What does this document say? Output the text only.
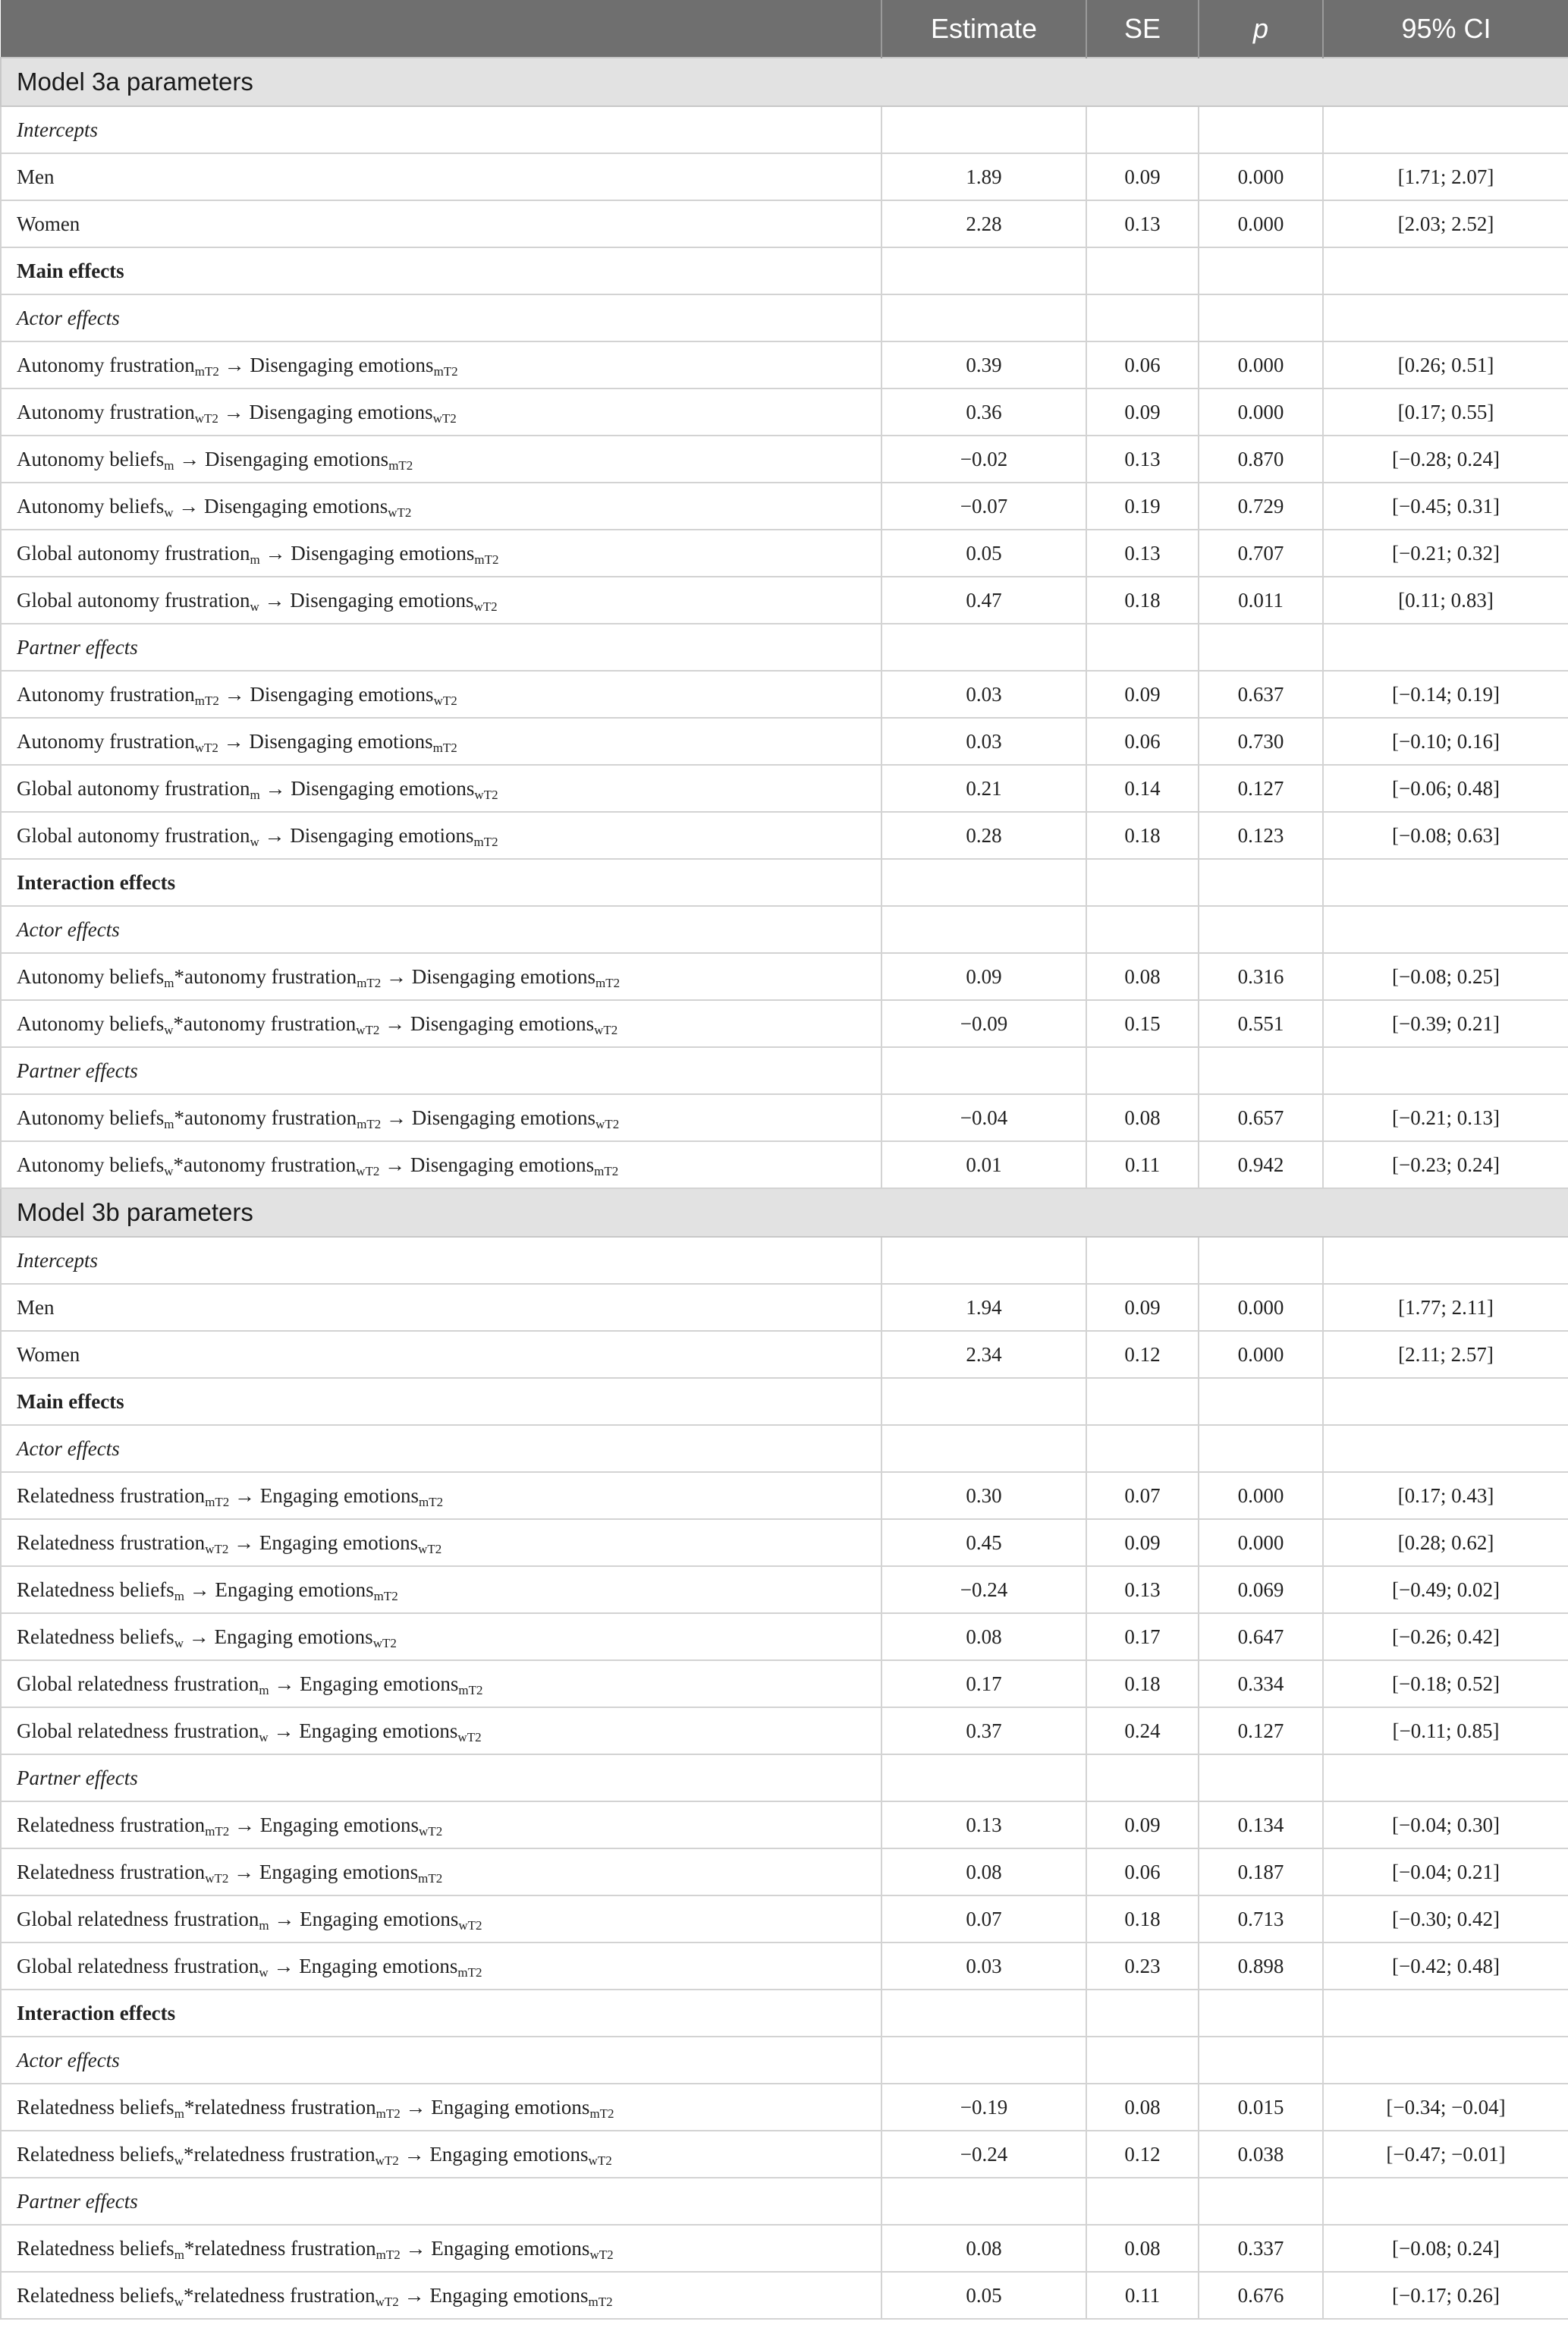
	Estimate	SE	p	95% CI
Model 3a parameters				
Intercepts				
Men	1.89	0.09	0.000	[1.71; 2.07]
Women	2.28	0.13	0.000	[2.03; 2.52]
Main effects				
Actor effects				
Autonomy frustration$_{mT2}$ → Disengaging emotions$_{mT2}$	0.39	0.06	0.000	[0.26; 0.51]
Autonomy frustration$_{wT2}$ → Disengaging emotions$_{wT2}$	0.36	0.09	0.000	[0.17; 0.55]
Autonomy beliefs$_m$ → Disengaging emotions$_{mT2}$	−0.02	0.13	0.870	[−0.28; 0.24]
Autonomy beliefs$_w$ → Disengaging emotions$_{wT2}$	−0.07	0.19	0.729	[−0.45; 0.31]
Global autonomy frustration$_m$ → Disengaging emotions$_{mT2}$	0.05	0.13	0.707	[−0.21; 0.32]
Global autonomy frustration$_w$ → Disengaging emotions$_{wT2}$	0.47	0.18	0.011	[0.11; 0.83]
Partner effects				
Autonomy frustration$_{mT2}$ → Disengaging emotions$_{wT2}$	0.03	0.09	0.637	[−0.14; 0.19]
Autonomy frustration$_{wT2}$ → Disengaging emotions$_{mT2}$	0.03	0.06	0.730	[−0.10; 0.16]
Global autonomy frustration$_m$ → Disengaging emotions$_{wT2}$	0.21	0.14	0.127	[−0.06; 0.48]
Global autonomy frustration$_w$ → Disengaging emotions$_{mT2}$	0.28	0.18	0.123	[−0.08; 0.63]
Interaction effects				
Actor effects				
Autonomy beliefs$_m$*autonomy frustration$_{mT2}$ → Disengaging emotions$_{mT2}$	0.09	0.08	0.316	[−0.08; 0.25]
Autonomy beliefs$_w$*autonomy frustration$_{wT2}$ → Disengaging emotions$_{wT2}$	−0.09	0.15	0.551	[−0.39; 0.21]
Partner effects				
Autonomy beliefs$_m$*autonomy frustration$_{mT2}$ → Disengaging emotions$_{wT2}$	−0.04	0.08	0.657	[−0.21; 0.13]
Autonomy beliefs$_w$*autonomy frustration$_{wT2}$ → Disengaging emotions$_{mT2}$	0.01	0.11	0.942	[−0.23; 0.24]
Model 3b parameters				
Intercepts				
Men	1.94	0.09	0.000	[1.77; 2.11]
Women	2.34	0.12	0.000	[2.11; 2.57]
Main effects				
Actor effects				
Relatedness frustration$_{mT2}$ → Engaging emotions$_{mT2}$	0.30	0.07	0.000	[0.17; 0.43]
Relatedness frustration$_{wT2}$ → Engaging emotions$_{wT2}$	0.45	0.09	0.000	[0.28; 0.62]
Relatedness beliefs$_m$ → Engaging emotions$_{mT2}$	−0.24	0.13	0.069	[−0.49; 0.02]
Relatedness beliefs$_w$ → Engaging emotions$_{wT2}$	0.08	0.17	0.647	[−0.26; 0.42]
Global relatedness frustration$_m$ → Engaging emotions$_{mT2}$	0.17	0.18	0.334	[−0.18; 0.52]
Global relatedness frustration$_w$ → Engaging emotions$_{wT2}$	0.37	0.24	0.127	[−0.11; 0.85]
Partner effects				
Relatedness frustration$_{mT2}$ → Engaging emotions$_{wT2}$	0.13	0.09	0.134	[−0.04; 0.30]
Relatedness frustration$_{wT2}$ → Engaging emotions$_{mT2}$	0.08	0.06	0.187	[−0.04; 0.21]
Global relatedness frustration$_m$ → Engaging emotions$_{wT2}$	0.07	0.18	0.713	[−0.30; 0.42]
Global relatedness frustration$_w$ → Engaging emotions$_{mT2}$	0.03	0.23	0.898	[−0.42; 0.48]
Interaction effects				
Actor effects				
Relatedness beliefs$_m$*relatedness frustration$_{mT2}$ → Engaging emotions$_{mT2}$	−0.19	0.08	0.015	[−0.34; −0.04]
Relatedness beliefs$_w$*relatedness frustration$_{wT2}$ → Engaging emotions$_{wT2}$	−0.24	0.12	0.038	[−0.47; −0.01]
Partner effects				
Relatedness beliefs$_m$*relatedness frustration$_{mT2}$ → Engaging emotions$_{wT2}$	0.08	0.08	0.337	[−0.08; 0.24]
Relatedness beliefs$_w$*relatedness frustration$_{wT2}$ → Engaging emotions$_{mT2}$	0.05	0.11	0.676	[−0.17; 0.26]
